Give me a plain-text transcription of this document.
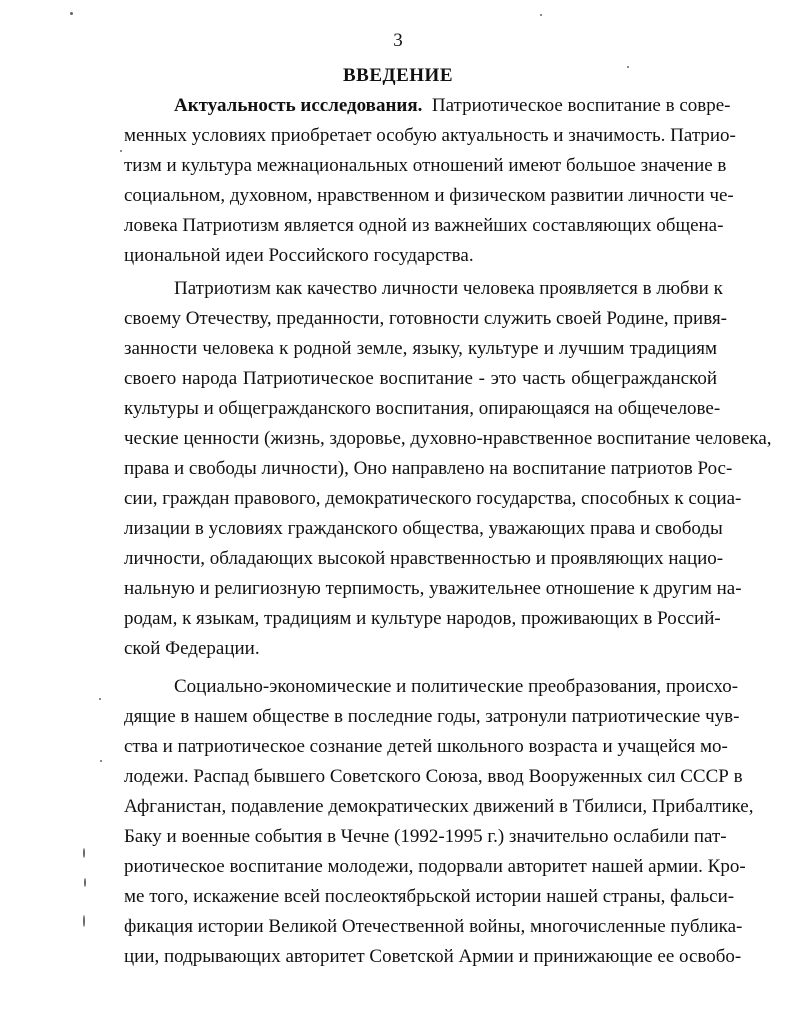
3
ВВЕДЕНИЕ
Актуальность исследования. Патриотическое воспитание в совре-
менных условиях приобретает особую актуальность и значимость. Патрио-
тизм и культура межнациональных отношений имеют большое значение в
социальном, духовном, нравственном и физическом развитии личности че-
ловека Патриотизм является одной из важнейших составляющих общена-
циональной идеи Российского государства.
Патриотизм как качество личности человека проявляется в любви к
своему Отечеству, преданности, готовности служить своей Родине, привя-
занности человека к родной земле, языку, культуре и лучшим традициям
своего народа Патриотическое воспитание - это часть общегражданской
культуры и общегражданского воспитания, опирающаяся на общечелове-
ческие ценности (жизнь, здоровье, духовно-нравственное воспитание человека,
права и свободы личности), Оно направлено на воспитание патриотов Рос-
сии, граждан правового, демократического государства, способных к социа-
лизации в условиях гражданского общества, уважающих права и свободы
личности, обладающих высокой нравственностью и проявляющих нацио-
нальную и религиозную терпимость, уважительнее отношение к другим на-
родам, к языкам, традициям и культуре народов, проживающих в Россий-
ской Федерации.
Социально-экономические и политические преобразования, происхо-
дящие в нашем обществе в последние годы, затронули патриотические чув-
ства и патриотическое сознание детей школьного возраста и учащейся мо-
лодежи. Распад бывшего Советского Союза, ввод Вооруженных сил СССР в
Афганистан, подавление демократических движений в Тбилиси, Прибалтике,
Баку и военные события в Чечне (1992-1995 г.) значительно ослабили пат-
риотическое воспитание молодежи, подорвали авторитет нашей армии. Кро-
ме того, искажение всей послеоктябрьской истории нашей страны, фальси-
фикация истории Великой Отечественной войны, многочисленные публика-
ции, подрывающих авторитет Советской Армии и принижающие ее освобо-
